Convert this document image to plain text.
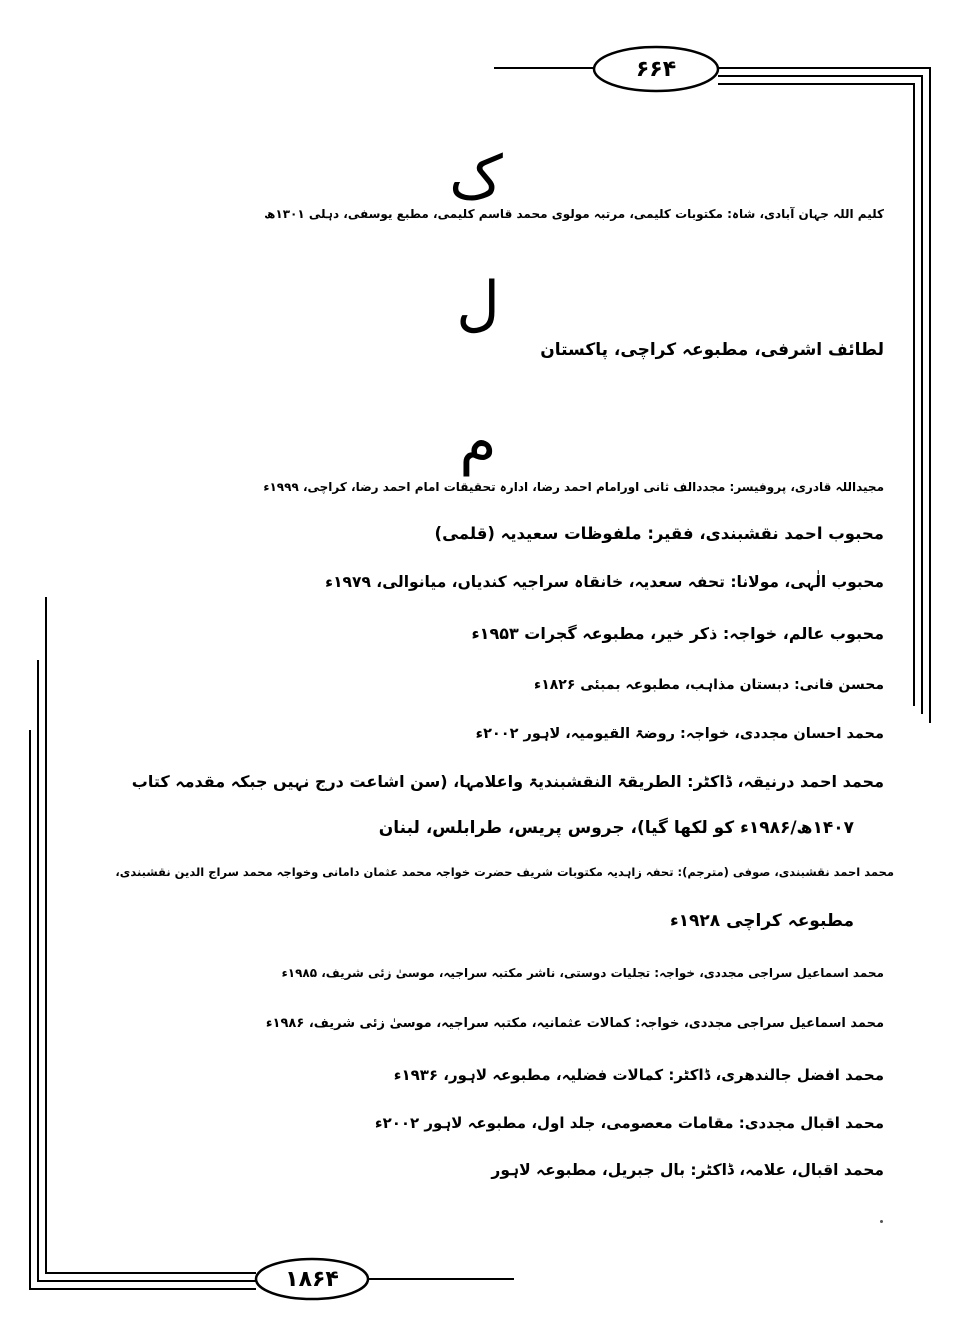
۶۶۴
۱۸۶۴
ک
ل
م
کلیم اللہ جہان آبادی، شاہ: مکتوبات کلیمی، مرتبہ مولوی محمد قاسم کلیمی، مطبع یوسفی، دہلی ۱۳۰۱ھ
لطائف اشرفی، مطبوعہ کراچی، پاکستان
مجیداللہ قادری، پروفیسر: مجددالف ثانی اورامام احمد رضا، ادارہ تحقیقات امام احمد رضا، کراچی، ۱۹۹۹ء
محبوب احمد نقشبندی، فقیر: ملفوظات سعیدیہ (قلمی)
محبوب الٰہی، مولانا: تحفہ سعدیہ، خانقاہ سراجیہ کندیاں، میانوالی، ۱۹۷۹ء
محبوب عالم، خواجہ: ذکر خیر، مطبوعہ گجرات ۱۹۵۳ء
محسن فانی: دبستان مذاہب، مطبوعہ بمبئی ۱۸۲۶ء
محمد احسان مجددی، خواجہ: روضۃ القیومیہ، لاہور ۲۰۰۲ء
محمد احمد درنیقہ، ڈاکٹر: الطریقۃ النقشبندیۃ واعلامہا، (سن اشاعت درج نہیں جبکہ مقدمہ کتاب
۱۴۰۷ھ/۱۹۸۶ء کو لکھا گیا)، جروس پریس، طرابلس، لبنان
محمد احمد نقشبندی، صوفی (مترجم): تحفہ زاہدیہ مکتوبات شریف حضرت خواجہ محمد عثمان دامانی وخواجہ محمد سراج الدین نقشبندی،
مطبوعہ کراچی ۱۹۲۸ء
محمد اسماعیل سراجی مجددی، خواجہ: تجلیات دوستی، ناشر مکتبہ سراجیہ، موسیٰ زئی شریف، ۱۹۸۵ء
محمد اسماعیل سراجی مجددی، خواجہ: کمالات عثمانیہ، مکتبہ سراجیہ، موسیٰ زئی شریف، ۱۹۸۶ء
محمد افضل جالندھری، ڈاکٹر: کمالات فضلیہ، مطبوعہ لاہور، ۱۹۳۶ء
محمد اقبال مجددی: مقامات معصومی، جلد اول، مطبوعہ لاہور ۲۰۰۲ء
محمد اقبال، علامہ، ڈاکٹر: بال جبریل، مطبوعہ لاہور
